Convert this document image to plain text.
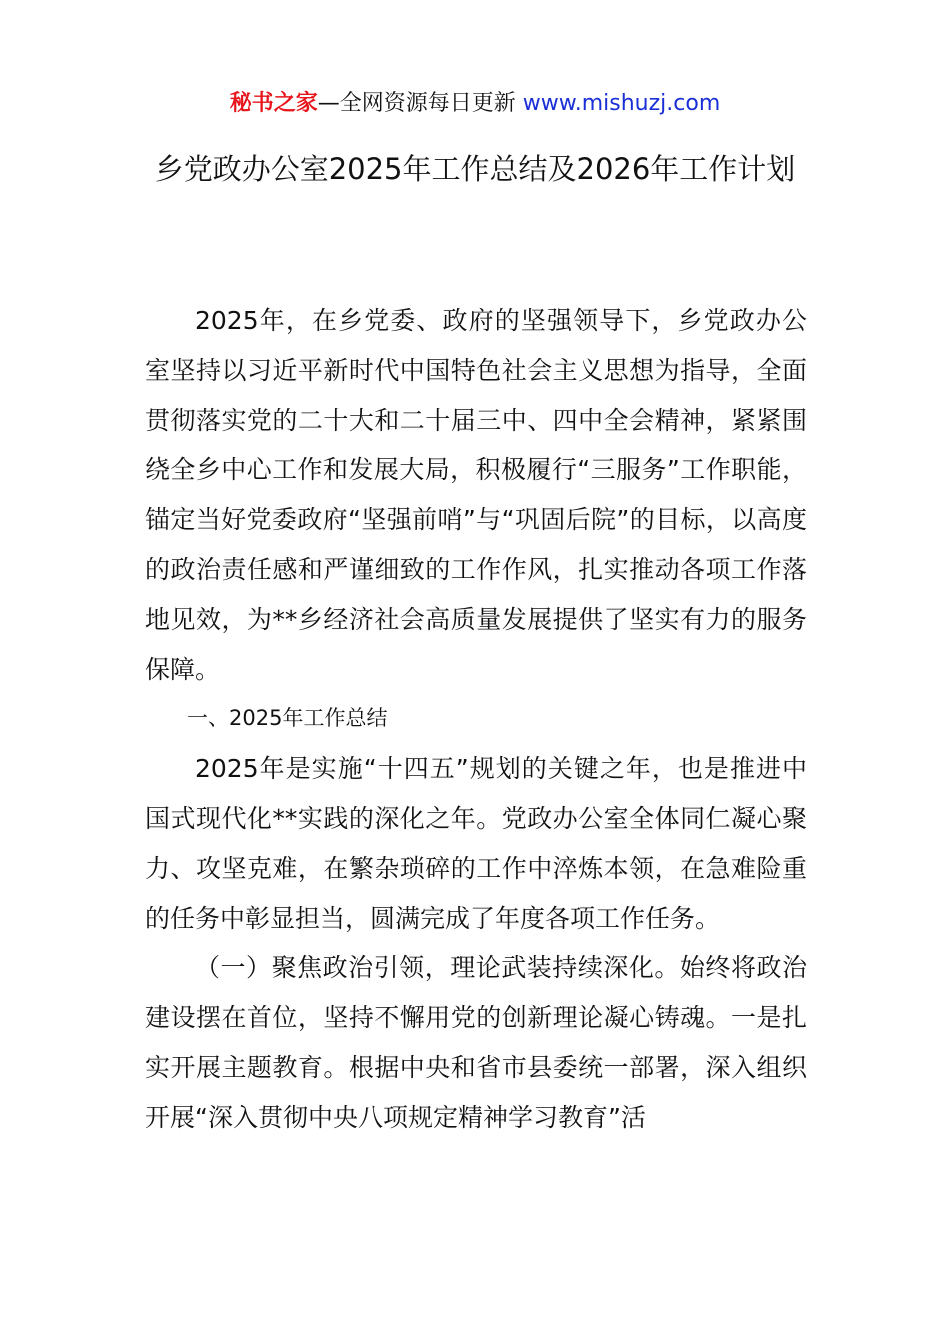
秘书之家—全网资源每日更新 www.mishuzj.com
乡党政办公室2025年工作总结及2026年工作计划

2025年，在乡党委、政府的坚强领导下，乡党政办公室坚持以习近平新时代中国特色社会主义思想为指导，全面贯彻落实党的二十大和二十届三中、四中全会精神，紧紧围绕全乡中心工作和发展大局，积极履行“三服务”工作职能，锚定当好党委政府“坚强前哨”与“巩固后院”的目标，以高度的政治责任感和严谨细致的工作作风，扎实推动各项工作落地见效，为**乡经济社会高质量发展提供了坚实有力的服务保障。

一、2025年工作总结

2025年是实施“十四五”规划的关键之年，也是推进中国式现代化**实践的深化之年。党政办公室全体同仁凝心聚力、攻坚克难，在繁杂琐碎的工作中淬炼本领，在急难险重的任务中彰显担当，圆满完成了年度各项工作任务。

（一）聚焦政治引领，理论武装持续深化。始终将政治建设摆在首位，坚持不懈用党的创新理论凝心铸魂。一是扎实开展主题教育。根据中央和省市县委统一部署，深入组织开展“深入贯彻中央八项规定精神学习教育”活
